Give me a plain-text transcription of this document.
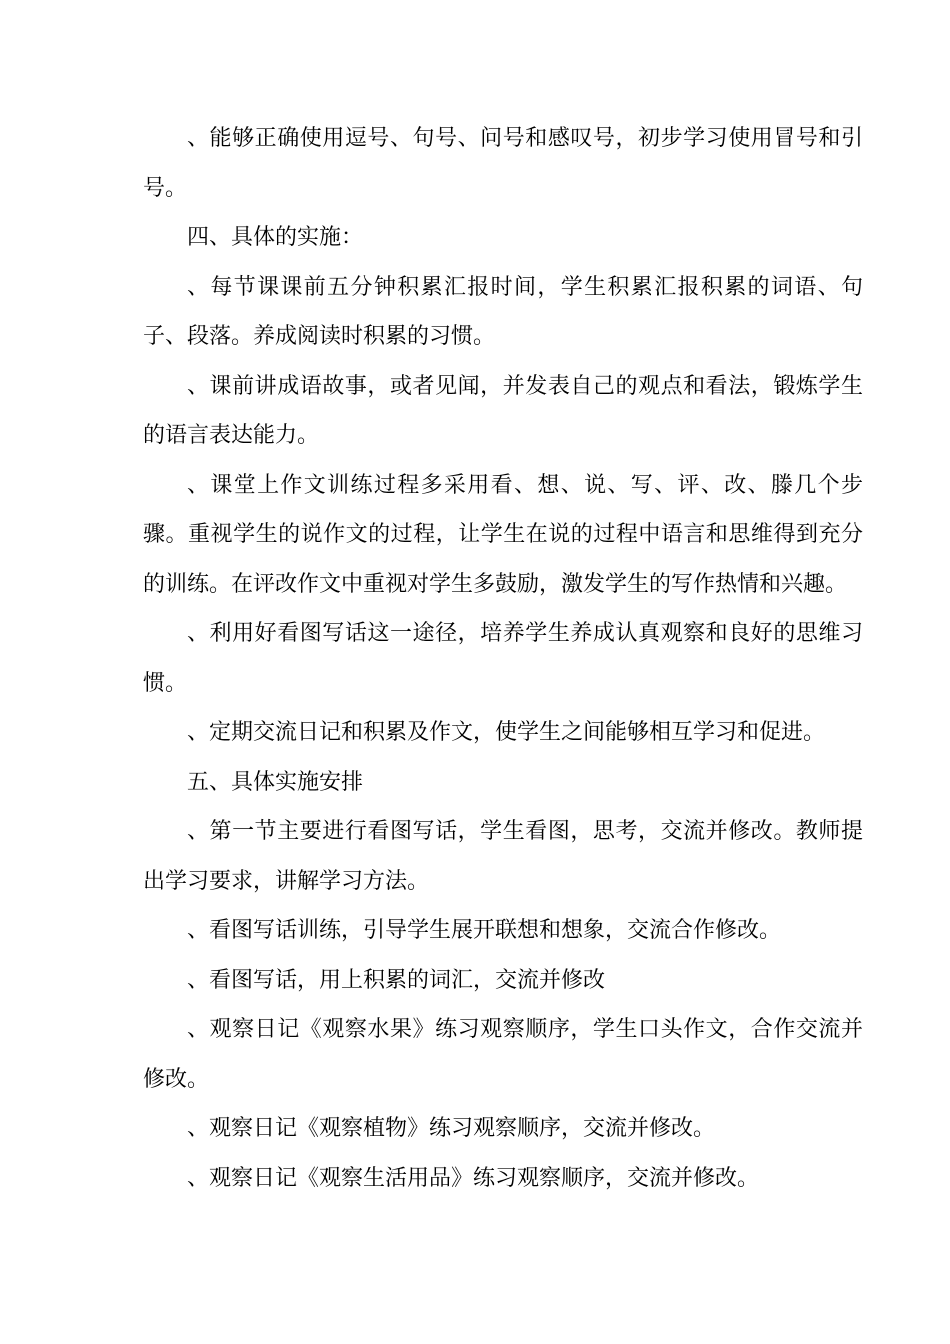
、能够正确使用逗号、句号、问号和感叹号，初步学习使用冒号和引号。

四、具体的实施：

、每节课课前五分钟积累汇报时间，学生积累汇报积累的词语、句子、段落。养成阅读时积累的习惯。

、课前讲成语故事，或者见闻，并发表自己的观点和看法，锻炼学生的语言表达能力。

、课堂上作文训练过程多采用看、想、说、写、评、改、滕几个步骤。重视学生的说作文的过程，让学生在说的过程中语言和思维得到充分的训练。在评改作文中重视对学生多鼓励，激发学生的写作热情和兴趣。

、利用好看图写话这一途径，培养学生养成认真观察和良好的思维习惯。

、定期交流日记和积累及作文，使学生之间能够相互学习和促进。

五、具体实施安排

、第一节主要进行看图写话，学生看图，思考，交流并修改。教师提出学习要求，讲解学习方法。

、看图写话训练，引导学生展开联想和想象，交流合作修改。

、看图写话，用上积累的词汇，交流并修改

、观察日记《观察水果》练习观察顺序，学生口头作文，合作交流并修改。

、观察日记《观察植物》练习观察顺序，交流并修改。

、观察日记《观察生活用品》练习观察顺序，交流并修改。
